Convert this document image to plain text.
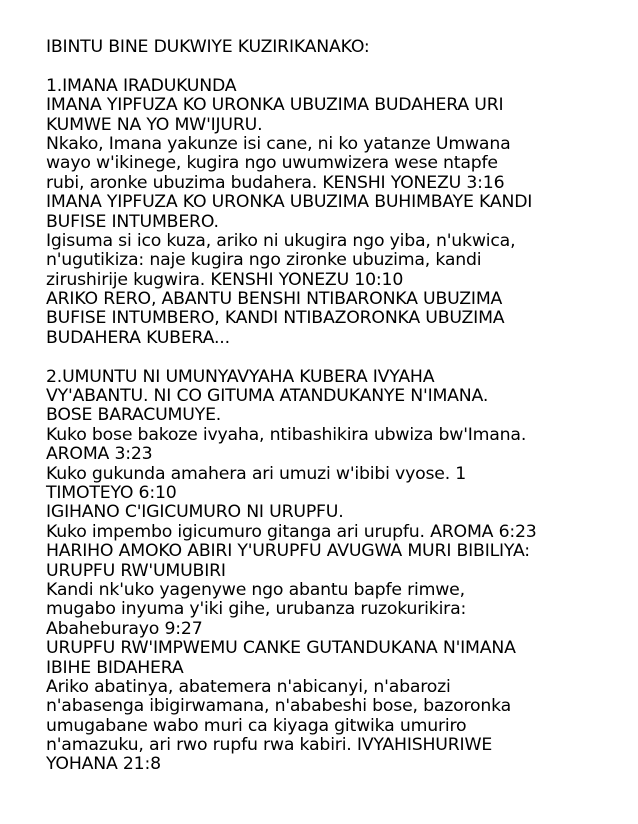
IBINTU BINE DUKWIYE KUZIRIKANAKO:
1.IMANA IRADUKUNDA
IMANA YIPFUZA KO URONKA UBUZIMA BUDAHERA URI
KUMWE NA YO MW'IJURU.
Nkako, Imana yakunze isi cane, ni ko yatanze Umwana
wayo w'ikinege, kugira ngo uwumwizera wese ntapfe
rubi, aronke ubuzima budahera. KENSHI YONEZU 3:16
IMANA YIPFUZA KO URONKA UBUZIMA BUHIMBAYE KANDI
BUFISE INTUMBERO.
Igisuma si ico kuza, ariko ni ukugira ngo yiba, n'ukwica,
n'ugutikiza: naje kugira ngo zironke ubuzima, kandi
zirushirije kugwira. KENSHI YONEZU 10:10
ARIKO RERO, ABANTU BENSHI NTIBARONKA UBUZIMA
BUFISE INTUMBERO, KANDI NTIBAZORONKA UBUZIMA
BUDAHERA KUBERA...
2.UMUNTU NI UMUNYAVYAHA KUBERA IVYAHA
VY'ABANTU. NI CO GITUMA ATANDUKANYE N'IMANA.
BOSE BARACUMUYE.
Kuko bose bakoze ivyaha, ntibashikira ubwiza bw'Imana.
AROMA 3:23
Kuko gukunda amahera ari umuzi w'ibibi vyose. 1
TIMOTEYO 6:10
IGIHANO C'IGICUMURO NI URUPFU.
Kuko impembo igicumuro gitanga ari urupfu. AROMA 6:23
HARIHO AMOKO ABIRI Y'URUPFU AVUGWA MURI BIBILIYA:
URUPFU RW'UMUBIRI
Kandi nk'uko yagenywe ngo abantu bapfe rimwe,
mugabo inyuma y'iki gihe, urubanza ruzokurikira:
Abaheburayo 9:27
URUPFU RW'IMPWEMU CANKE GUTANDUKANA N'IMANA
IBIHE BIDAHERA
Ariko abatinya, abatemera n'abicanyi, n'abarozi
n'abasenga ibigirwamana, n'ababeshi bose, bazoronka
umugabane wabo muri ca kiyaga gitwika umuriro
n'amazuku, ari rwo rupfu rwa kabiri. IVYAHISHURIWE
YOHANA 21:8
